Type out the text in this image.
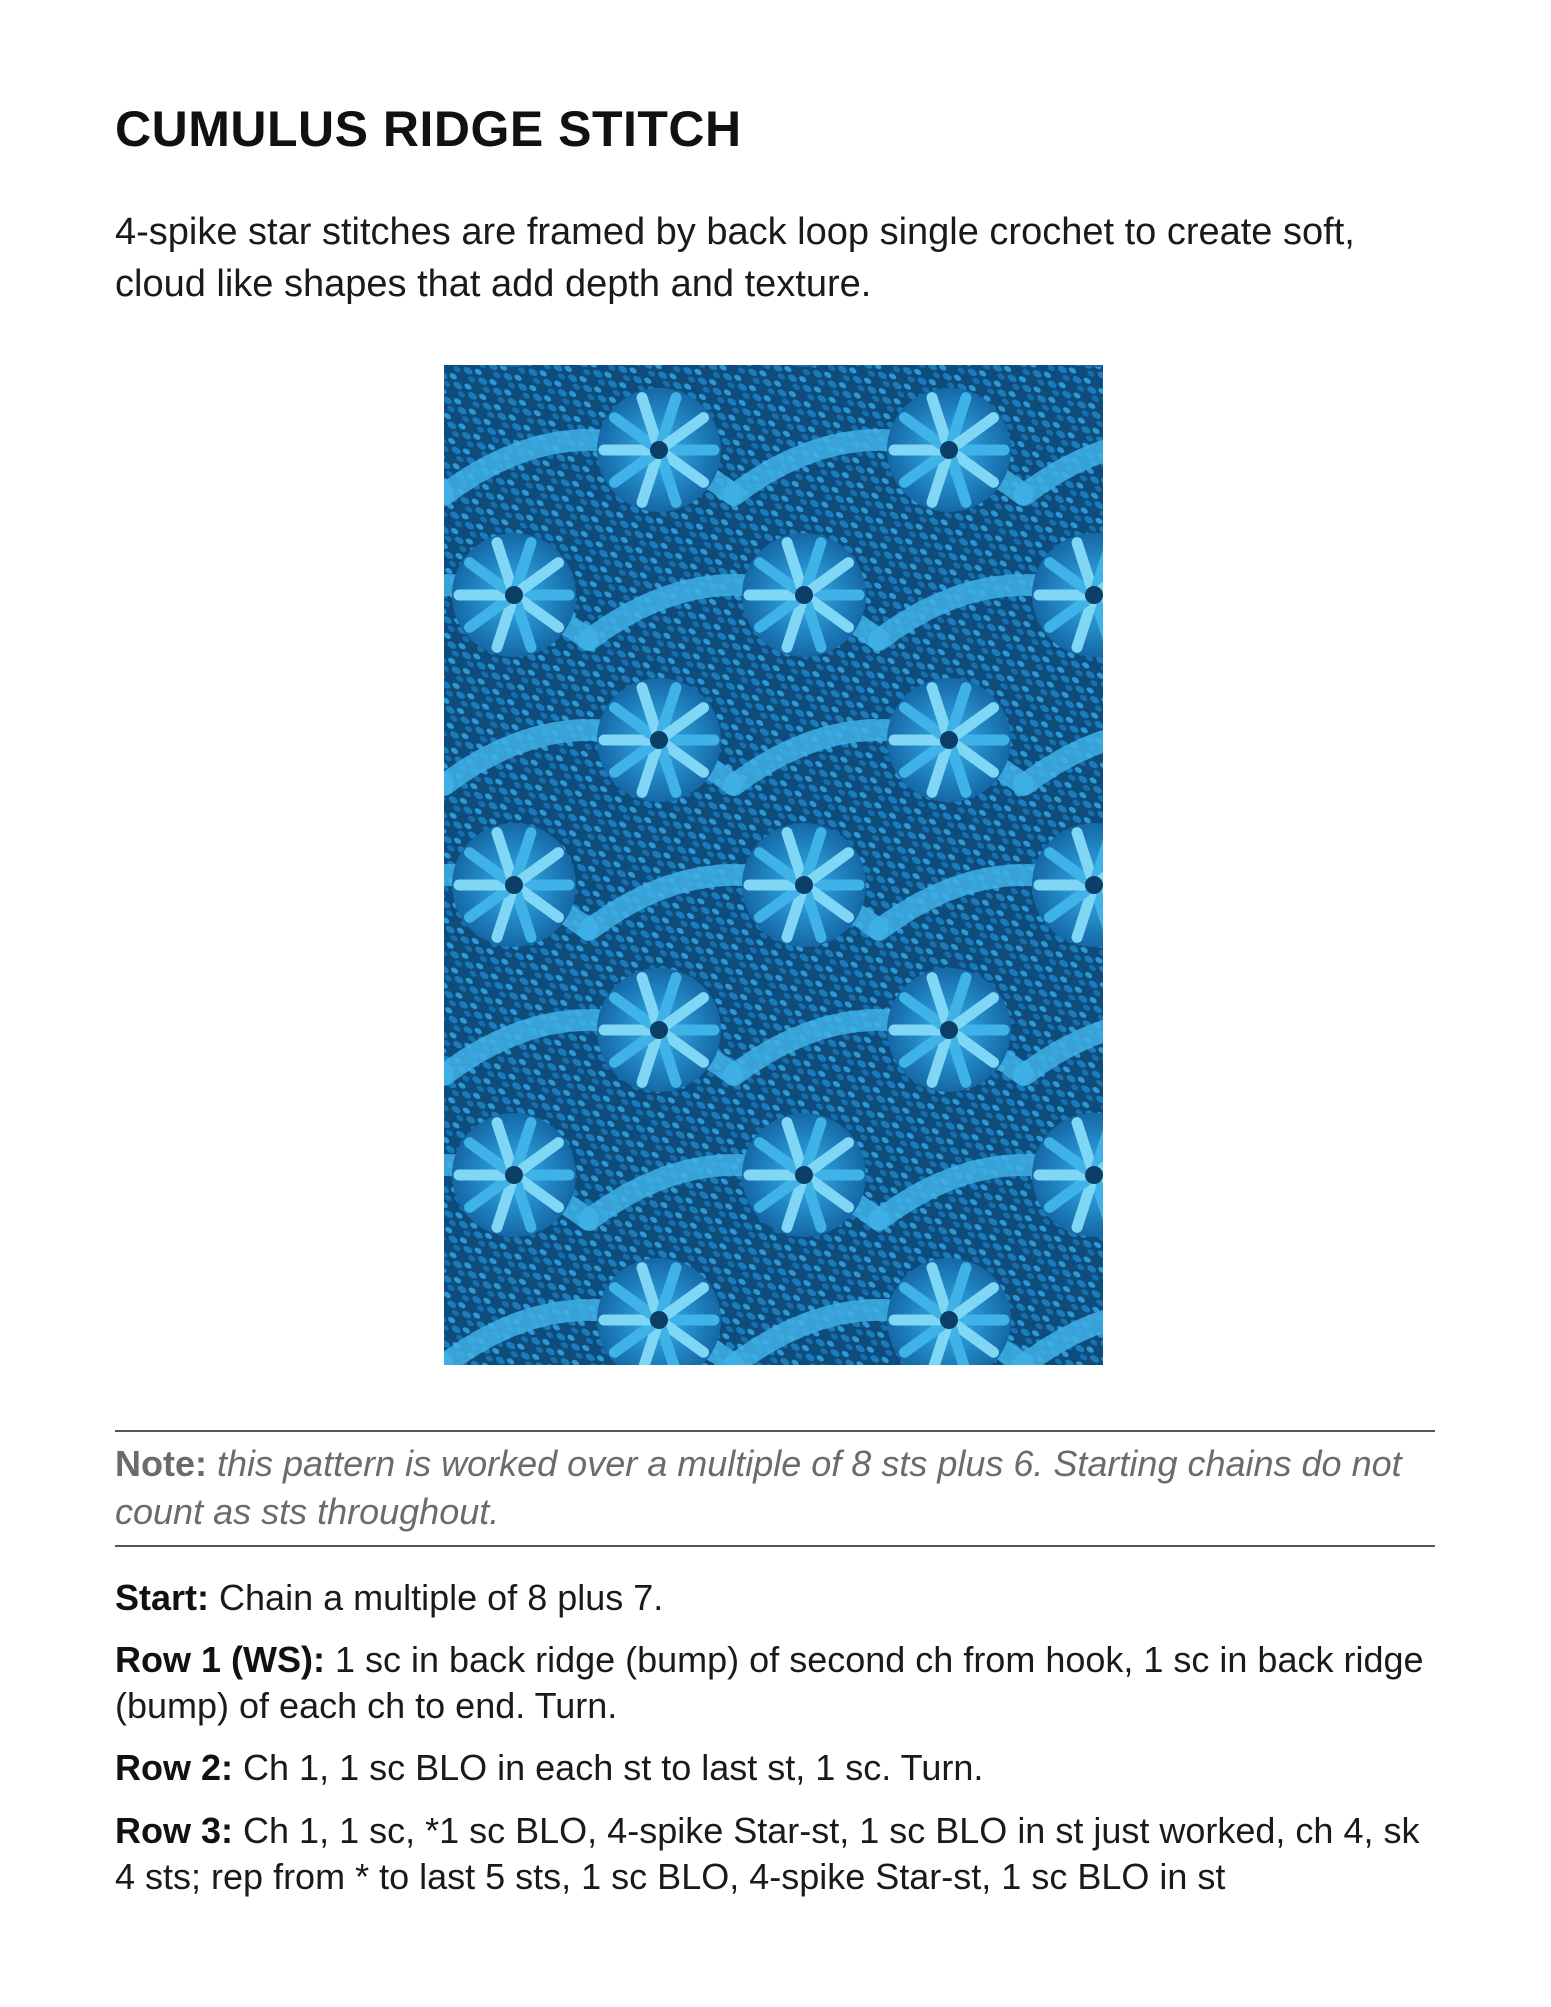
CUMULUS RIDGE STITCH

4-spike star stitches are framed by back loop single crochet to create soft, cloud like shapes that add depth and texture.

Note: this pattern is worked over a multiple of 8 sts plus 6. Starting chains do not count as sts throughout.

Start: Chain a multiple of 8 plus 7.

Row 1 (WS): 1 sc in back ridge (bump) of second ch from hook, 1 sc in back ridge (bump) of each ch to end. Turn.

Row 2: Ch 1, 1 sc BLO in each st to last st, 1 sc. Turn.

Row 3: Ch 1, 1 sc, *1 sc BLO, 4-spike Star-st, 1 sc BLO in st just worked, ch 4, sk 4 sts; rep from * to last 5 sts, 1 sc BLO, 4-spike Star-st, 1 sc BLO in st
